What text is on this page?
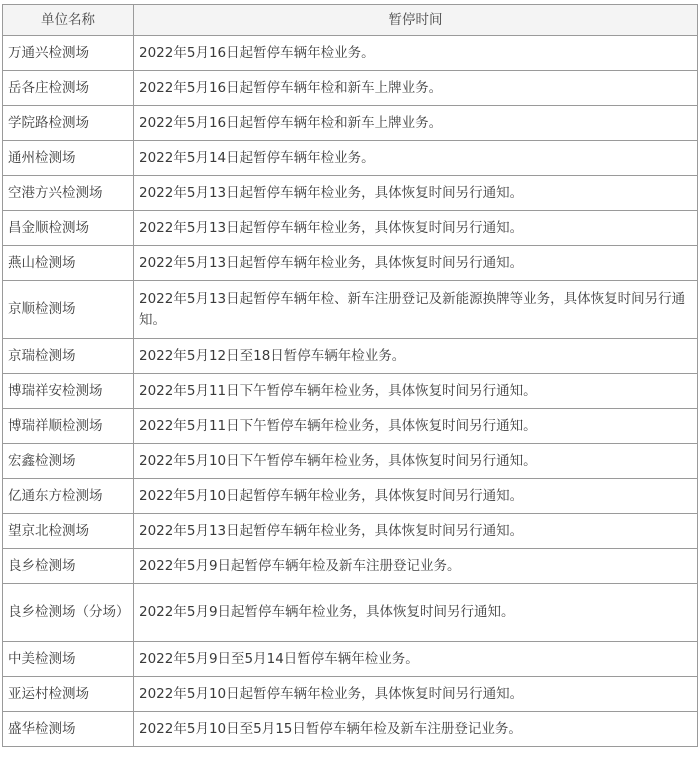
单位名称	暂停时间
万通兴检测场	2022年5月16日起暂停车辆年检业务。
岳各庄检测场	2022年5月16日起暂停车辆年检和新车上牌业务。
学院路检测场	2022年5月16日起暂停车辆年检和新车上牌业务。
通州检测场	2022年5月14日起暂停车辆年检业务。
空港方兴检测场	2022年5月13日起暂停车辆年检业务，具体恢复时间另行通知。
昌金顺检测场	2022年5月13日起暂停车辆年检业务，具体恢复时间另行通知。
燕山检测场	2022年5月13日起暂停车辆年检业务，具体恢复时间另行通知。
京顺检测场	2022年5月13日起暂停车辆年检、新车注册登记及新能源换牌等业务，具体恢复时间另行通知。
京瑞检测场	2022年5月12日至18日暂停车辆年检业务。
博瑞祥安检测场	2022年5月11日下午暂停车辆年检业务，具体恢复时间另行通知。
博瑞祥顺检测场	2022年5月11日下午暂停车辆年检业务，具体恢复时间另行通知。
宏鑫检测场	2022年5月10日下午暂停车辆年检业务，具体恢复时间另行通知。
亿通东方检测场	2022年5月10日起暂停车辆年检业务，具体恢复时间另行通知。
望京北检测场	2022年5月13日起暂停车辆年检业务，具体恢复时间另行通知。
良乡检测场	2022年5月9日起暂停车辆年检及新车注册登记业务。
良乡检测场（分场）	2022年5月9日起暂停车辆年检业务，具体恢复时间另行通知。
中美检测场	2022年5月9日至5月14日暂停车辆年检业务。
亚运村检测场	2022年5月10日起暂停车辆年检业务，具体恢复时间另行通知。
盛华检测场	2022年5月10日至5月15日暂停车辆年检及新车注册登记业务。
